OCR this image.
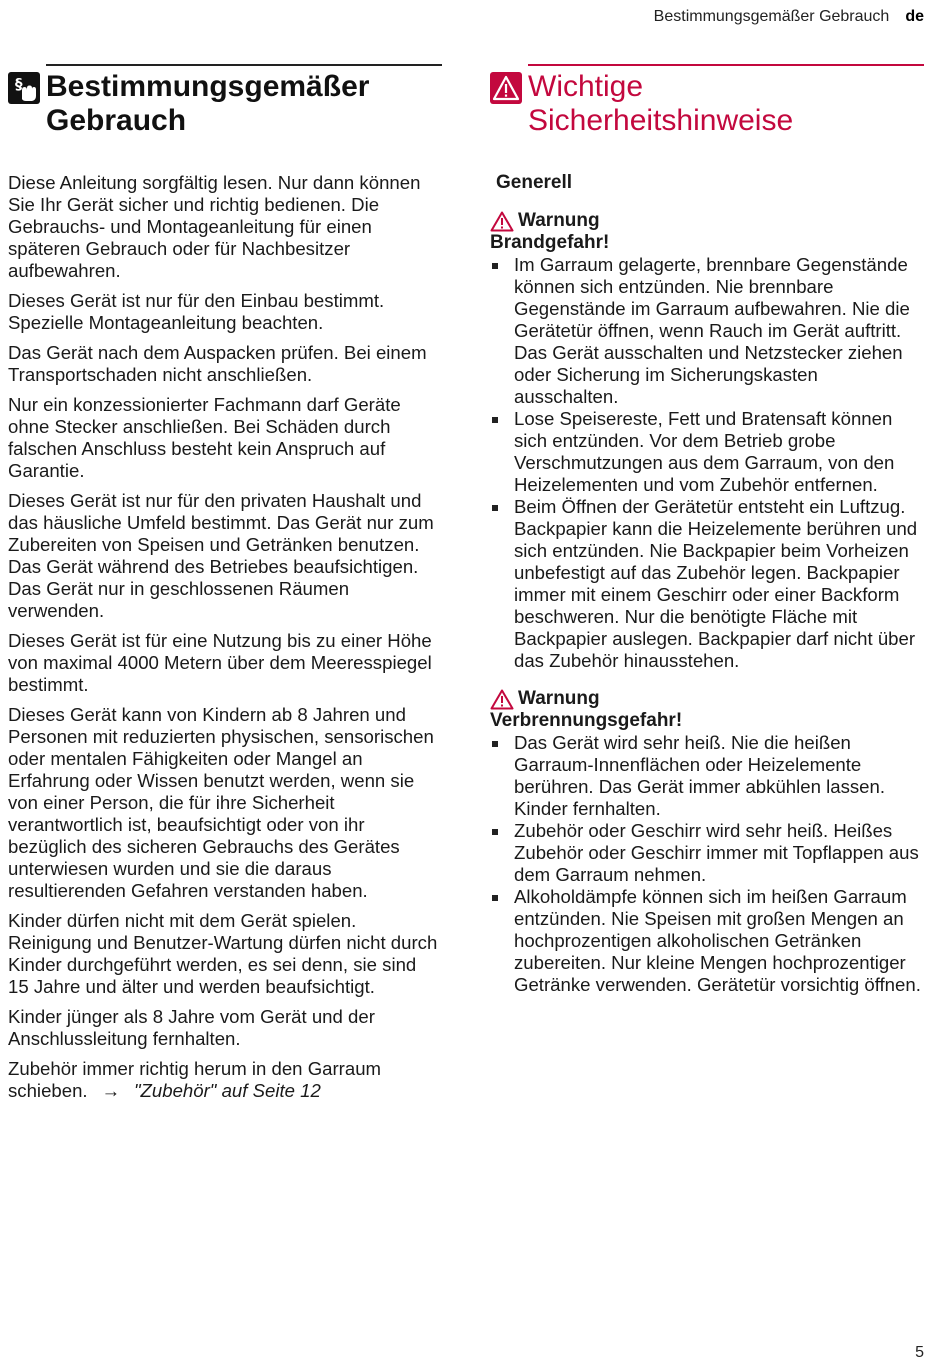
Bestimmungsgemäßer Gebrauch de
§ Bestimmungsgemäßer Gebrauch

Diese Anleitung sorgfältig lesen. Nur dann können Sie Ihr Gerät sicher und richtig bedienen. Die Gebrauchs- und Montageanleitung für einen späteren Gebrauch oder für Nachbesitzer aufbewahren.

Dieses Gerät ist nur für den Einbau bestimmt. Spezielle Montageanleitung beachten.

Das Gerät nach dem Auspacken prüfen. Bei einem Transportschaden nicht anschließen.

Nur ein konzessionierter Fachmann darf Geräte ohne Stecker anschließen. Bei Schäden durch falschen Anschluss besteht kein Anspruch auf Garantie.

Dieses Gerät ist nur für den privaten Haushalt und das häusliche Umfeld bestimmt. Das Gerät nur zum Zubereiten von Speisen und Getränken benutzen. Das Gerät während des Betriebes beaufsichtigen. Das Gerät nur in geschlossenen Räumen verwenden.

Dieses Gerät ist für eine Nutzung bis zu einer Höhe von maximal 4000 Metern über dem Meeresspiegel bestimmt.

Dieses Gerät kann von Kindern ab 8 Jahren und Personen mit reduzierten physischen, sensorischen oder mentalen Fähigkeiten oder Mangel an Erfahrung oder Wissen benutzt werden, wenn sie von einer Person, die für ihre Sicherheit verantwortlich ist, beaufsichtigt oder von ihr bezüglich des sicheren Gebrauchs des Gerätes unterwiesen wurden und sie die daraus resultierenden Gefahren verstanden haben.

Kinder dürfen nicht mit dem Gerät spielen. Reinigung und Benutzer-Wartung dürfen nicht durch Kinder durchgeführt werden, es sei denn, sie sind 15 Jahre und älter und werden beaufsichtigt.

Kinder jünger als 8 Jahre vom Gerät und der Anschlussleitung fernhalten.

Zubehör immer richtig herum in den Garraum schieben. → "Zubehör" auf Seite 12

Wichtige Sicherheitshinweise
Generell
Warnung
Brandgefahr!
Im Garraum gelagerte, brennbare Gegenstände können sich entzünden. Nie brennbare Gegenstände im Garraum aufbewahren. Nie die Gerätetür öffnen, wenn Rauch im Gerät auftritt. Das Gerät ausschalten und Netzstecker ziehen oder Sicherung im Sicherungskasten ausschalten.
Lose Speisereste, Fett und Bratensaft können sich entzünden. Vor dem Betrieb grobe Verschmutzungen aus dem Garraum, von den Heizelementen und vom Zubehör entfernen.
Beim Öffnen der Gerätetür entsteht ein Luftzug. Backpapier kann die Heizelemente berühren und sich entzünden. Nie Backpapier beim Vorheizen unbefestigt auf das Zubehör legen. Backpapier immer mit einem Geschirr oder einer Backform beschweren. Nur die benötigte Fläche mit Backpapier auslegen. Backpapier darf nicht über das Zubehör hinausstehen.
Warnung
Verbrennungsgefahr!
Das Gerät wird sehr heiß. Nie die heißen Garraum-Innenflächen oder Heizelemente berühren. Das Gerät immer abkühlen lassen. Kinder fernhalten.
Zubehör oder Geschirr wird sehr heiß. Heißes Zubehör oder Geschirr immer mit Topflappen aus dem Garraum nehmen.
Alkoholdämpfe können sich im heißen Garraum entzünden. Nie Speisen mit großen Mengen an hochprozentigen alkoholischen Getränken zubereiten. Nur kleine Mengen hochprozentiger Getränke verwenden. Gerätetür vorsichtig öffnen.
5
